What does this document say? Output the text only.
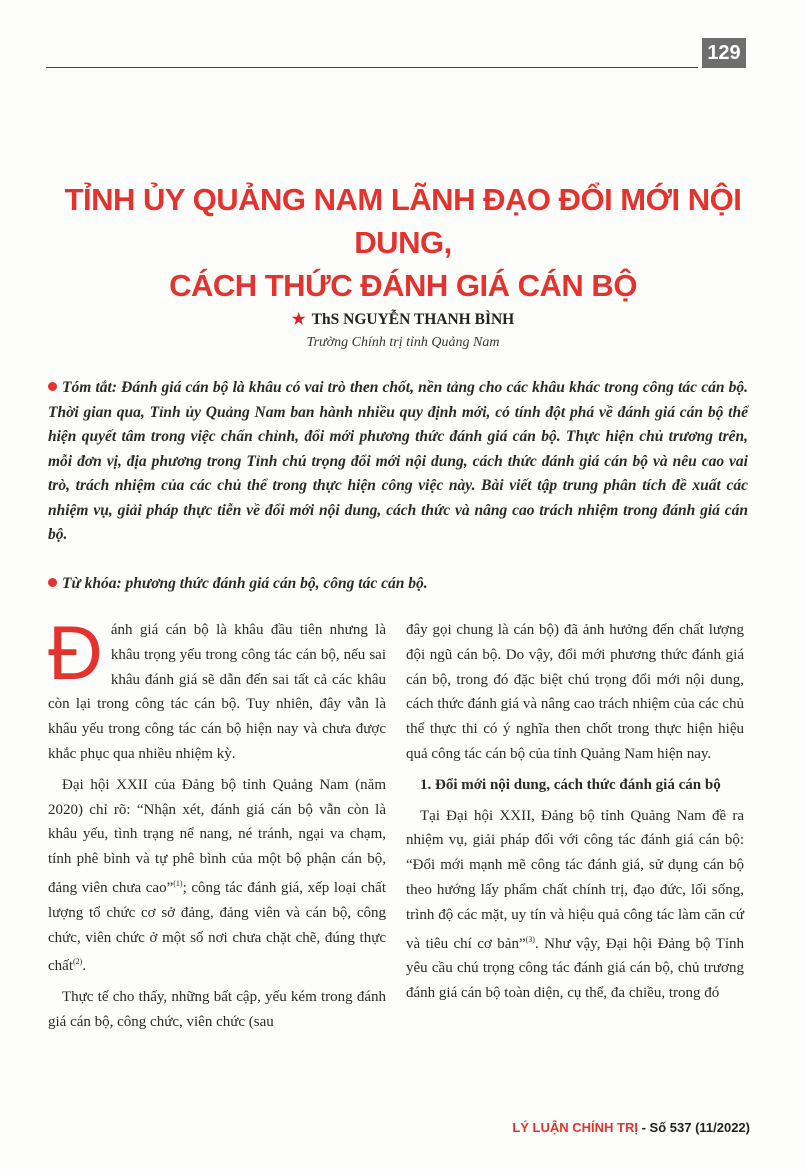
129
TỈNH ỦY QUẢNG NAM LÃNH ĐẠO ĐỔI MỚI NỘI DUNG,
CÁCH THỨC ĐÁNH GIÁ CÁN BỘ
★ ThS NGUYỄN THANH BÌNH
Trường Chính trị tỉnh Quảng Nam

Tóm tắt: Đánh giá cán bộ là khâu có vai trò then chốt, nền tảng cho các khâu khác trong công tác cán bộ. Thời gian qua, Tỉnh ủy Quảng Nam ban hành nhiều quy định mới, có tính đột phá về đánh giá cán bộ thể hiện quyết tâm trong việc chấn chỉnh, đổi mới phương thức đánh giá cán bộ. Thực hiện chủ trương trên, mỗi đơn vị, địa phương trong Tỉnh chú trọng đổi mới nội dung, cách thức đánh giá cán bộ và nêu cao vai trò, trách nhiệm của các chủ thể trong thực hiện công việc này. Bài viết tập trung phân tích đề xuất các nhiệm vụ, giải pháp thực tiễn về đổi mới nội dung, cách thức và nâng cao trách nhiệm trong đánh giá cán bộ.

Từ khóa: phương thức đánh giá cán bộ, công tác cán bộ.

Đánh giá cán bộ là khâu đầu tiên nhưng là khâu trọng yếu trong công tác cán bộ, nếu sai khâu đánh giá sẽ dẫn đến sai tất cả các khâu còn lại trong công tác cán bộ. Tuy nhiên, đây vẫn là khâu yếu trong công tác cán bộ hiện nay và chưa được khắc phục qua nhiều nhiệm kỳ.

Đại hội XXII của Đảng bộ tỉnh Quảng Nam (năm 2020) chỉ rõ: “Nhận xét, đánh giá cán bộ vẫn còn là khâu yếu, tình trạng nể nang, né tránh, ngại va chạm, tính phê bình và tự phê bình của một bộ phận cán bộ, đảng viên chưa cao”$^{(1)}$; công tác đánh giá, xếp loại chất lượng tổ chức cơ sở đảng, đảng viên và cán bộ, công chức, viên chức ở một số nơi chưa chặt chẽ, đúng thực chất$^{(2)}$.

Thực tế cho thấy, những bất cập, yếu kém trong đánh giá cán bộ, công chức, viên chức (sau

đây gọi chung là cán bộ) đã ảnh hưởng đến chất lượng đội ngũ cán bộ. Do vậy, đổi mới phương thức đánh giá cán bộ, trong đó đặc biệt chú trọng đổi mới nội dung, cách thức đánh giá và nâng cao trách nhiệm của các chủ thể thực thi có ý nghĩa then chốt trong thực hiện hiệu quả công tác cán bộ của tỉnh Quảng Nam hiện nay.

1. Đổi mới nội dung, cách thức đánh giá cán bộ

Tại Đại hội XXII, Đảng bộ tỉnh Quảng Nam đề ra nhiệm vụ, giải pháp đối với công tác đánh giá cán bộ: “Đổi mới mạnh mẽ công tác đánh giá, sử dụng cán bộ theo hướng lấy phẩm chất chính trị, đạo đức, lối sống, trình độ các mặt, uy tín và hiệu quả công tác làm căn cứ và tiêu chí cơ bản”$^{(3)}$. Như vậy, Đại hội Đảng bộ Tỉnh yêu cầu chú trọng công tác đánh giá cán bộ, chủ trương đánh giá cán bộ toàn diện, cụ thể, đa chiều, trong đó

LÝ LUẬN CHÍNH TRỊ - Số 537 (11/2022)
